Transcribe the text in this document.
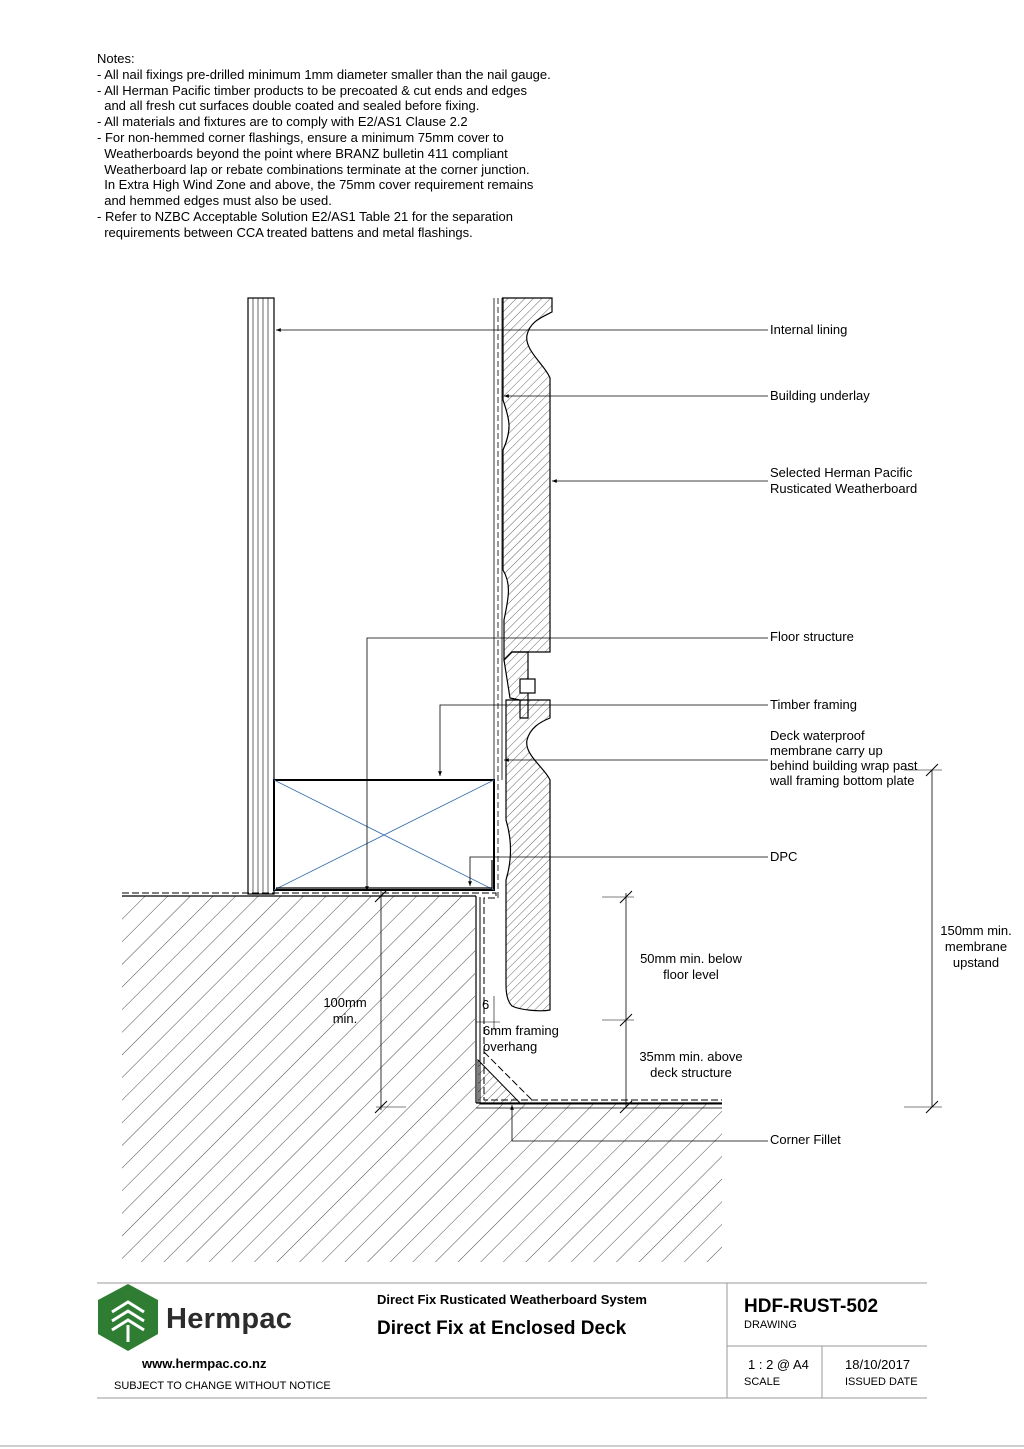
Notes:
- All nail fixings pre-drilled minimum 1mm diameter smaller than the nail gauge.
- All Herman Pacific timber products to be precoated & cut ends and edges
and all fresh cut surfaces double coated and sealed before fixing.
- All materials and fixtures are to comply with E2/AS1 Clause 2.2
- For non-hemmed corner flashings, ensure a minimum 75mm cover to
Weatherboards beyond the point where BRANZ bulletin 411 compliant
Weatherboard lap or rebate combinations terminate at the corner junction.
In Extra High Wind Zone and above, the 75mm cover requirement remains
and hemmed edges must also be used.
- Refer to NZBC Acceptable Solution E2/AS1 Table 21 for the separation
requirements between CCA treated battens and metal flashings.
Internal lining
Building underlay
Selected Herman Pacific
Rusticated Weatherboard
Floor structure
Timber framing
Deck waterproof
membrane carry up
behind building wrap past
wall framing bottom plate
DPC
Corner Fillet
150mm min.
membrane
upstand
50mm min. below
floor level
35mm min. above
deck structure
100mm
min.
6
6mm framing
overhang
Hermpac
www.hermpac.co.nz
SUBJECT TO CHANGE WITHOUT NOTICE
Direct Fix Rusticated Weatherboard System
Direct Fix at Enclosed Deck
HDF-RUST-502
DRAWING
1 : 2 @ A4
SCALE
18/10/2017
ISSUED DATE
